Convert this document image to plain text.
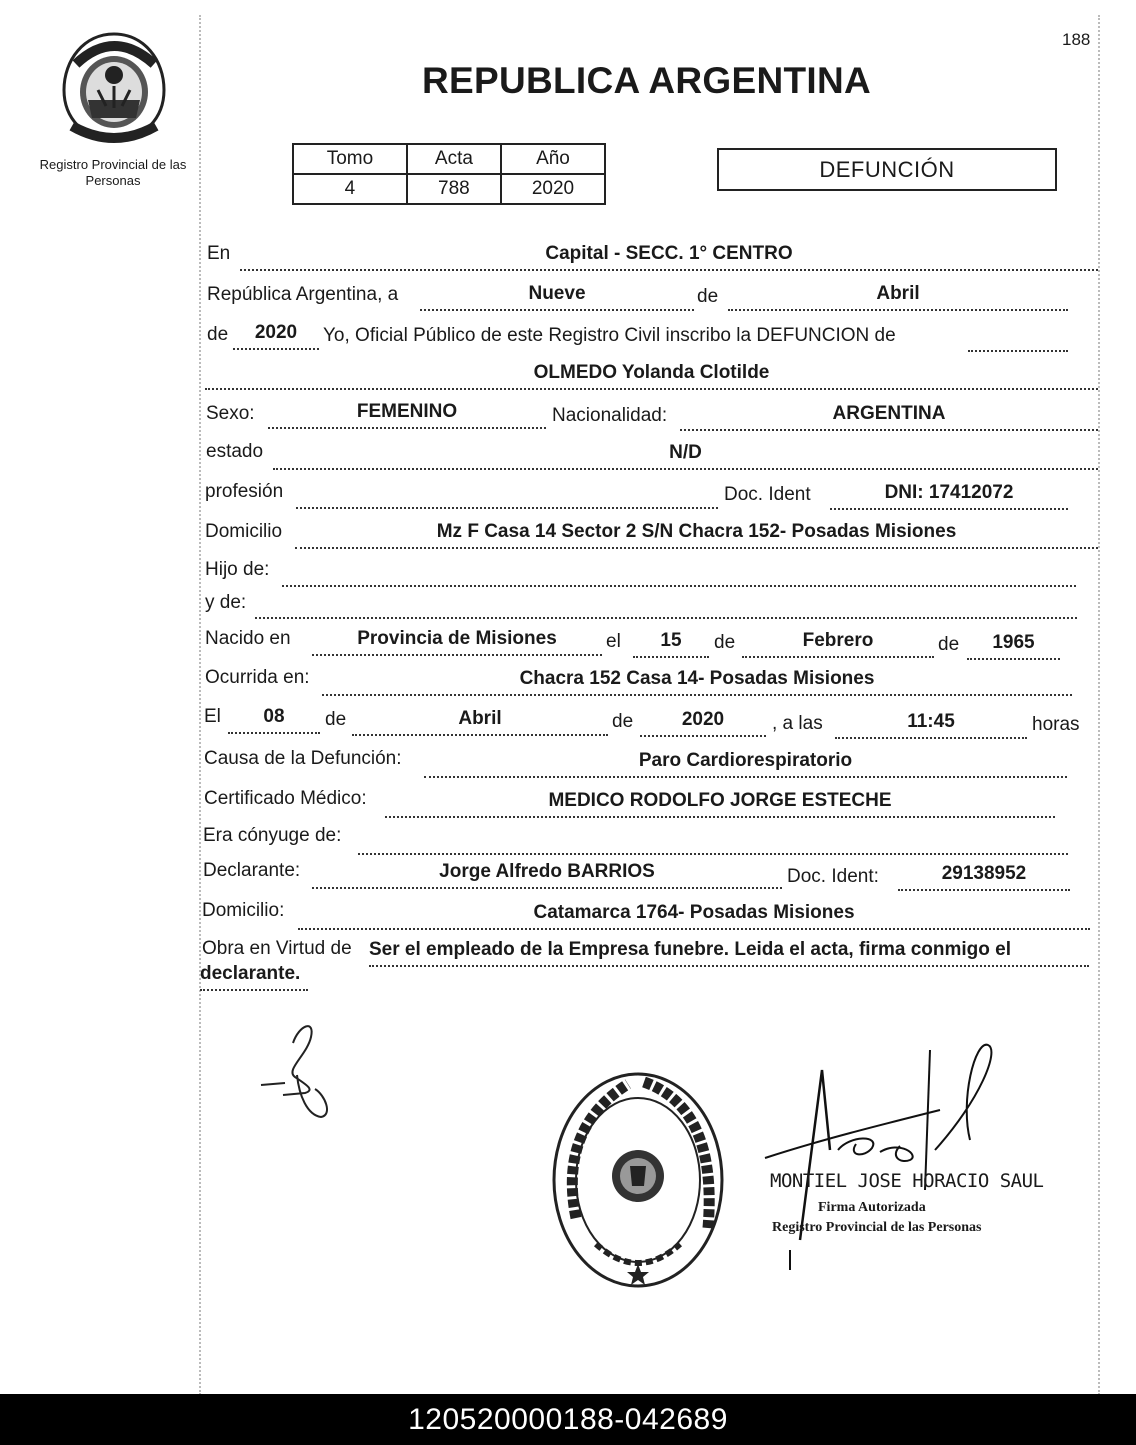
Registro Provincial de las Personas
188
REPUBLICA ARGENTINA
Tomo	Acta	Año
4	788	2020
DEFUNCIÓN
En	Capital - SECC. 1° CENTRO
República Argentina, a	Nueve	de	Abril
de	2020	Yo, Oficial Público de este Registro Civil inscribo la DEFUNCION de
OLMEDO Yolanda Clotilde
Sexo:	FEMENINO	Nacionalidad:	ARGENTINA
estado	N/D
profesión	Doc. Ident	DNI: 17412072
Domicilio	Mz F Casa 14 Sector 2 S/N Chacra 152- Posadas Misiones
Hijo de:
y de:
Nacido en	Provincia de Misiones	el	15	de	Febrero	de	1965
Ocurrida en:	Chacra 152 Casa 14- Posadas Misiones
El	08	de	Abril	de	2020	, a las	11:45	horas
Causa de la Defunción:	Paro Cardiorespiratorio
Certificado Médico:	MEDICO RODOLFO JORGE ESTECHE
Era cónyuge de:
Declarante:	Jorge Alfredo BARRIOS	Doc. Ident:	29138952
Domicilio:	Catamarca 1764- Posadas Misiones
Obra en Virtud de Ser el empleado de la Empresa funebre. Leida el acta, firma conmigo el
declarante.
MONTIEL JOSE HORACIO SAUL
Firma Autorizada
Registro Provincial de las Personas
120520000188-042689
